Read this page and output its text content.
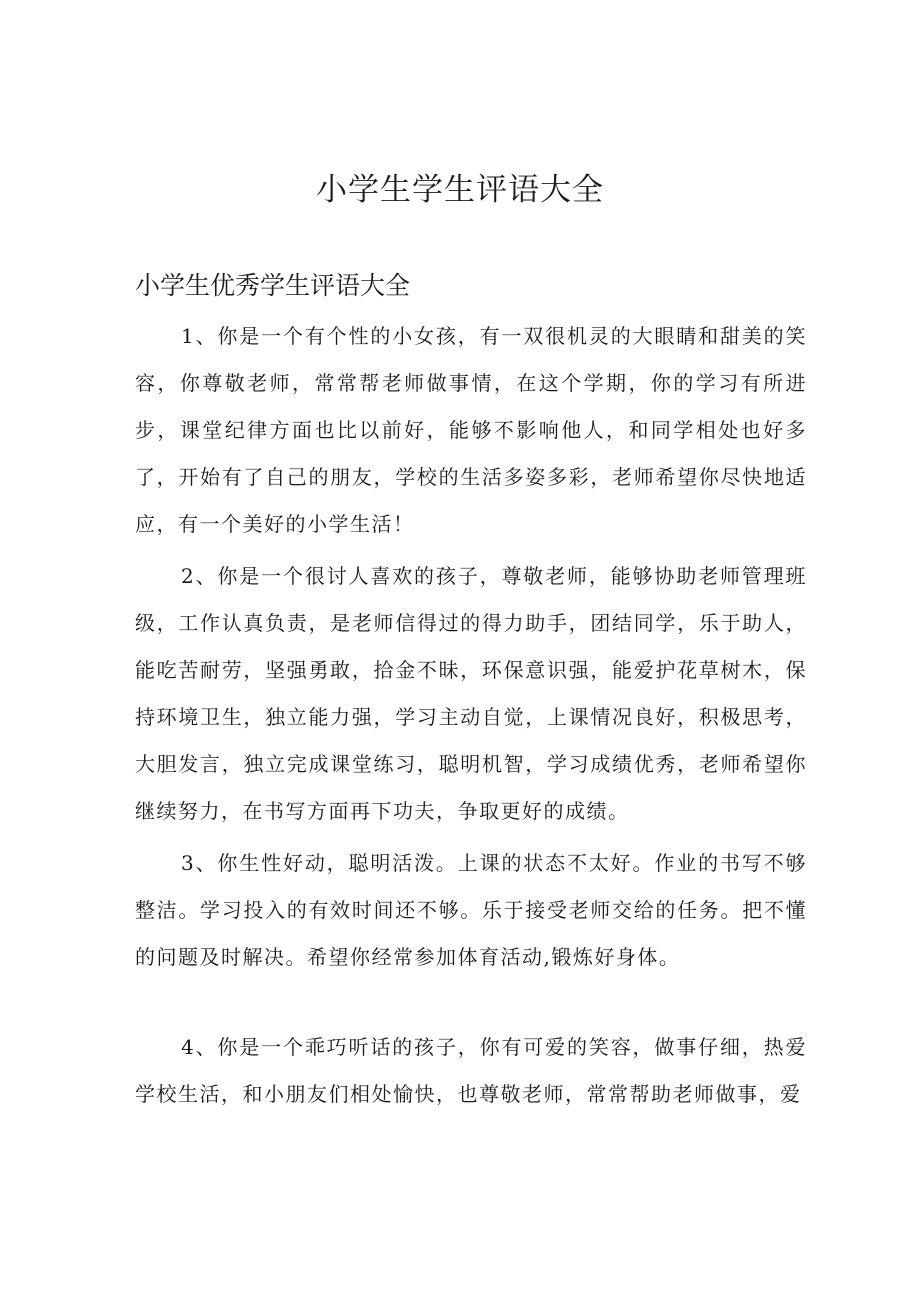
小学生学生评语大全
小学生优秀学生评语大全

1、你是一个有个性的小女孩，有一双很机灵的大眼睛和甜美的笑容，你尊敬老师，常常帮老师做事情，在这个学期，你的学习有所进步，课堂纪律方面也比以前好，能够不影响他人，和同学相处也好多了，开始有了自己的朋友，学校的生活多姿多彩，老师希望你尽快地适应，有一个美好的小学生活！

2、你是一个很讨人喜欢的孩子，尊敬老师，能够协助老师管理班级，工作认真负责，是老师信得过的得力助手，团结同学，乐于助人，能吃苦耐劳，坚强勇敢，拾金不昧，环保意识强，能爱护花草树木，保持环境卫生，独立能力强，学习主动自觉，上课情况良好，积极思考，大胆发言，独立完成课堂练习，聪明机智，学习成绩优秀，老师希望你继续努力，在书写方面再下功夫，争取更好的成绩。

3、你生性好动，聪明活泼。上课的状态不太好。作业的书写不够整洁。学习投入的有效时间还不够。乐于接受老师交给的任务。把不懂的问题及时解决。希望你经常参加体育活动,锻炼好身体。

4、你是一个乖巧听话的孩子，你有可爱的笑容，做事仔细，热爱学校生活，和小朋友们相处愉快，也尊敬老师，常常帮助老师做事，爱
